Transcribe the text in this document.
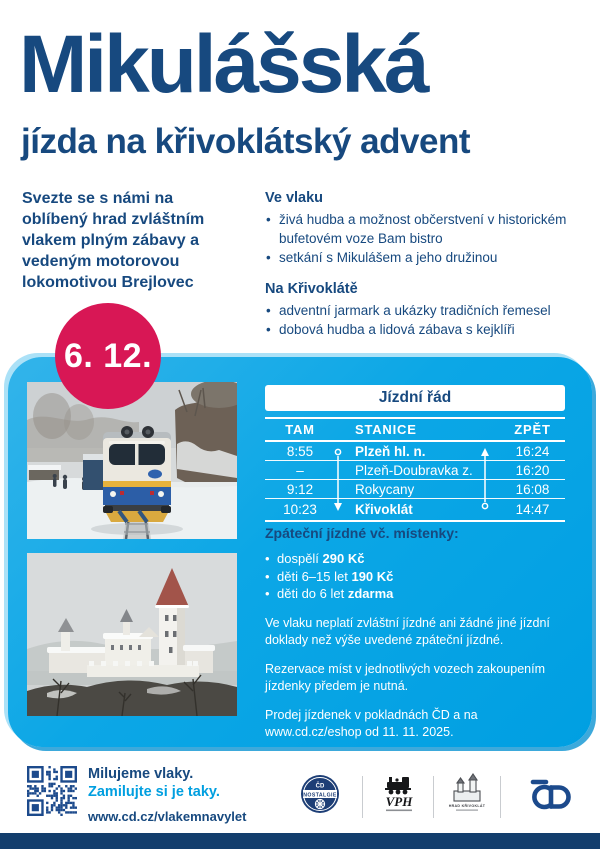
Mikulášská
jízda na křivoklátský advent
Svezte se s námi na oblíbený hrad zvláštním vlakem plným zábavy a vedeným motorovou lokomotivou Brejlovec
Ve vlaku
• živá hudba a možnost občerstvení v historickém bufetovém voze Bam bistro
• setkání s Mikulášem a jeho družinou
Na Křivoklátě
• adventní jarmark a ukázky tradičních řemesel
• dobová hudba a lidová zábava s kejklíři
6. 12.
Jízdní řád
TAM	STANICE	ZPĚT
8:55	Plzeň hl. n.	16:24
–	Plzeň-Doubravka z.	16:20
9:12	Rokycany	16:08
10:23	Křivoklát	14:47
Zpáteční jízdné vč. místenky:
• dospělí 290 Kč
• děti 6–15 let 190 Kč
• děti do 6 let zdarma
Ve vlaku neplatí zvláštní jízdné ani žádné jiné jízdní doklady než výše uvedené zpáteční jízdné.
Rezervace míst v jednotlivých vozech zakoupením jízdenky předem je nutná.
Prodej jízdenek v pokladnách ČD a na www.cd.cz/eshop od 11. 11. 2025.
Milujeme vlaky.
Zamilujte si je taky.
www.cd.cz/vlakemnavylet
ČD
NOSTALGIE	VPH	HRAD KŘIVOKLÁT
